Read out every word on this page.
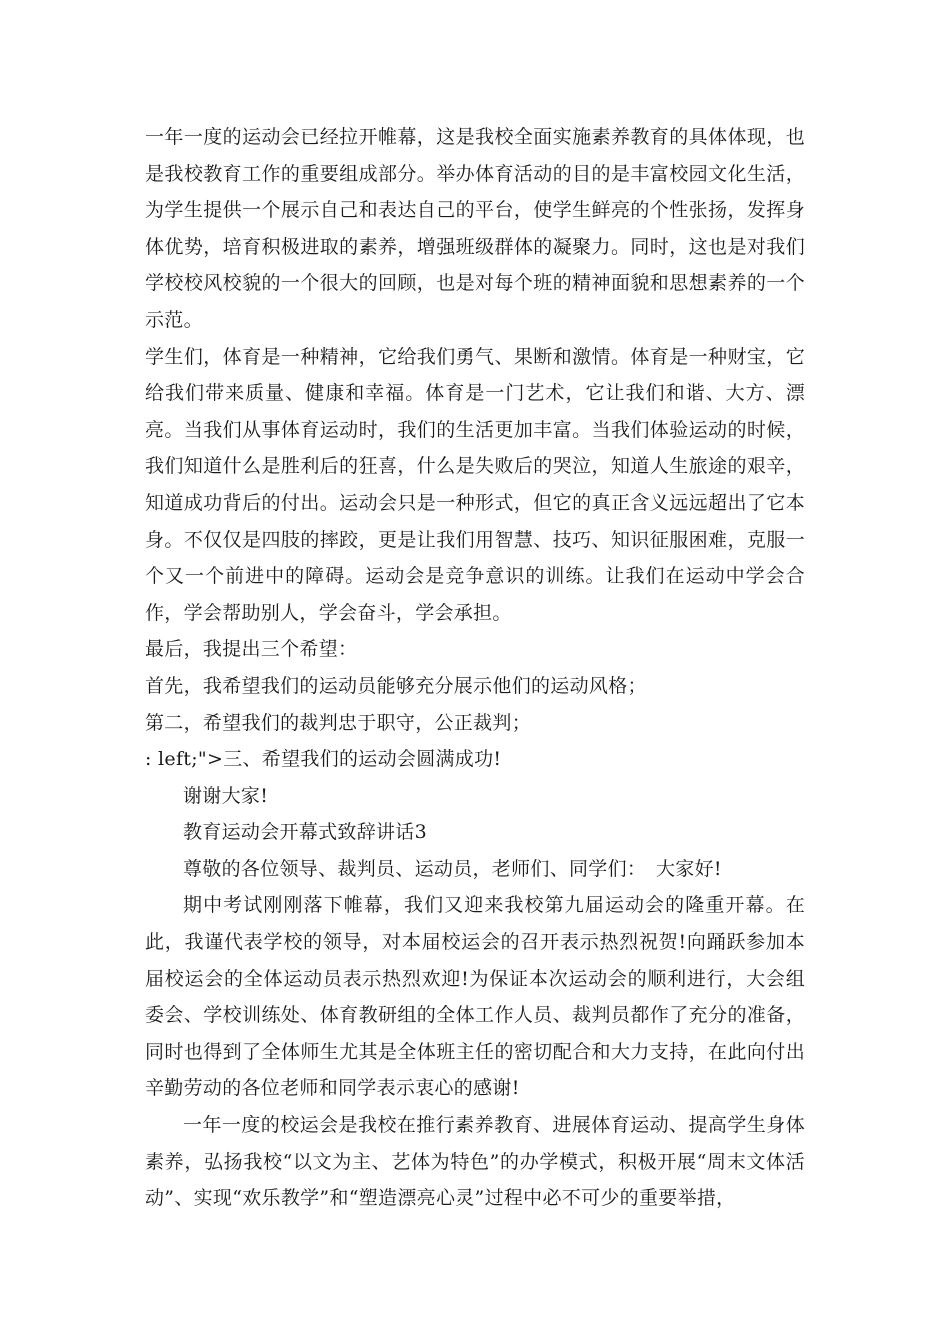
一年一度的运动会已经拉开帷幕，这是我校全面实施素养教育的具体体现，也是我校教育工作的重要组成部分。举办体育活动的目的是丰富校园文化生活，为学生提供一个展示自己和表达自己的平台，使学生鲜亮的个性张扬，发挥身体优势，培育积极进取的素养，增强班级群体的凝聚力。同时，这也是对我们学校校风校貌的一个很大的回顾，也是对每个班的精神面貌和思想素养的一个示范。

学生们，体育是一种精神，它给我们勇气、果断和激情。体育是一种财宝，它给我们带来质量、健康和幸福。体育是一门艺术，它让我们和谐、大方、漂亮。当我们从事体育运动时，我们的生活更加丰富。当我们体验运动的时候，我们知道什么是胜利后的狂喜，什么是失败后的哭泣，知道人生旅途的艰辛，知道成功背后的付出。运动会只是一种形式，但它的真正含义远远超出了它本身。不仅仅是四肢的摔跤，更是让我们用智慧、技巧、知识征服困难，克服一个又一个前进中的障碍。运动会是竞争意识的训练。让我们在运动中学会合作，学会帮助别人，学会奋斗，学会承担。

最后，我提出三个希望：

首先，我希望我们的运动员能够充分展示他们的运动风格；

第二，希望我们的裁判忠于职守，公正裁判；

: left;">三、希望我们的运动会圆满成功!

谢谢大家!

教育运动会开幕式致辞讲话3

尊敬的各位领导、裁判员、运动员，老师们、同学们：　大家好!

期中考试刚刚落下帷幕，我们又迎来我校第九届运动会的隆重开幕。在此，我谨代表学校的领导，对本届校运会的召开表示热烈祝贺!向踊跃参加本届校运会的全体运动员表示热烈欢迎!为保证本次运动会的顺利进行，大会组委会、学校训练处、体育教研组的全体工作人员、裁判员都作了充分的准备，同时也得到了全体师生尤其是全体班主任的密切配合和大力支持，在此向付出辛勤劳动的各位老师和同学表示衷心的感谢!

一年一度的校运会是我校在推行素养教育、进展体育运动、提高学生身体素养，弘扬我校“以文为主、艺体为特色”的办学模式，积极开展“周末文体活动”、实现“欢乐教学”和“塑造漂亮心灵”过程中必不可少的重要举措，
